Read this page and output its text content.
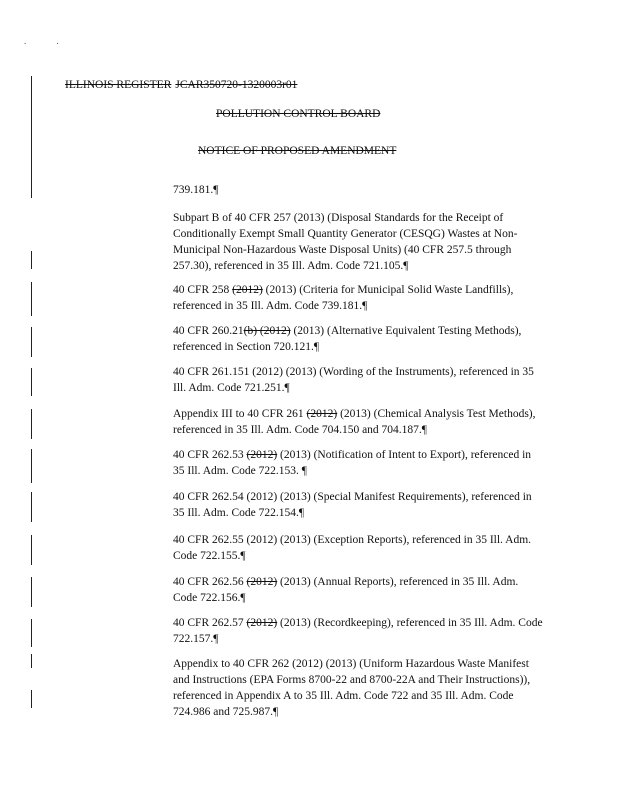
. .
ILLINOIS REGISTER JCAR350720-1320003r01
POLLUTION CONTROL BOARD
NOTICE OF PROPOSED AMENDMENT
739.181.¶
Subpart B of 40 CFR 257 (2013) (Disposal Standards for the Receipt of Conditionally Exempt Small Quantity Generator (CESQG) Wastes at Non-Municipal Non-Hazardous Waste Disposal Units) (40 CFR 257.5 through 257.30), referenced in 35 Ill. Adm. Code 721.105.¶
40 CFR 258 (2012) (2013) (Criteria for Municipal Solid Waste Landfills), referenced in 35 Ill. Adm. Code 739.181.¶
40 CFR 260.21(b) (2012) (2013) (Alternative Equivalent Testing Methods), referenced in Section 720.121.¶
40 CFR 261.151 (2012) (2013) (Wording of the Instruments), referenced in 35 Ill. Adm. Code 721.251.¶
Appendix III to 40 CFR 261 (2012) (2013) (Chemical Analysis Test Methods), referenced in 35 Ill. Adm. Code 704.150 and 704.187.¶
40 CFR 262.53 (2012) (2013) (Notification of Intent to Export), referenced in 35 Ill. Adm. Code 722.153. ¶
40 CFR 262.54 (2012) (2013) (Special Manifest Requirements), referenced in 35 Ill. Adm. Code 722.154.¶
40 CFR 262.55 (2012) (2013) (Exception Reports), referenced in 35 Ill. Adm. Code 722.155.¶
40 CFR 262.56 (2012) (2013) (Annual Reports), referenced in 35 Ill. Adm. Code 722.156.¶
40 CFR 262.57 (2012) (2013) (Recordkeeping), referenced in 35 Ill. Adm. Code 722.157.¶
Appendix to 40 CFR 262 (2012) (2013) (Uniform Hazardous Waste Manifest and Instructions (EPA Forms 8700-22 and 8700-22A and Their Instructions)), referenced in Appendix A to 35 Ill. Adm. Code 722 and 35 Ill. Adm. Code 724.986 and 725.987.¶
